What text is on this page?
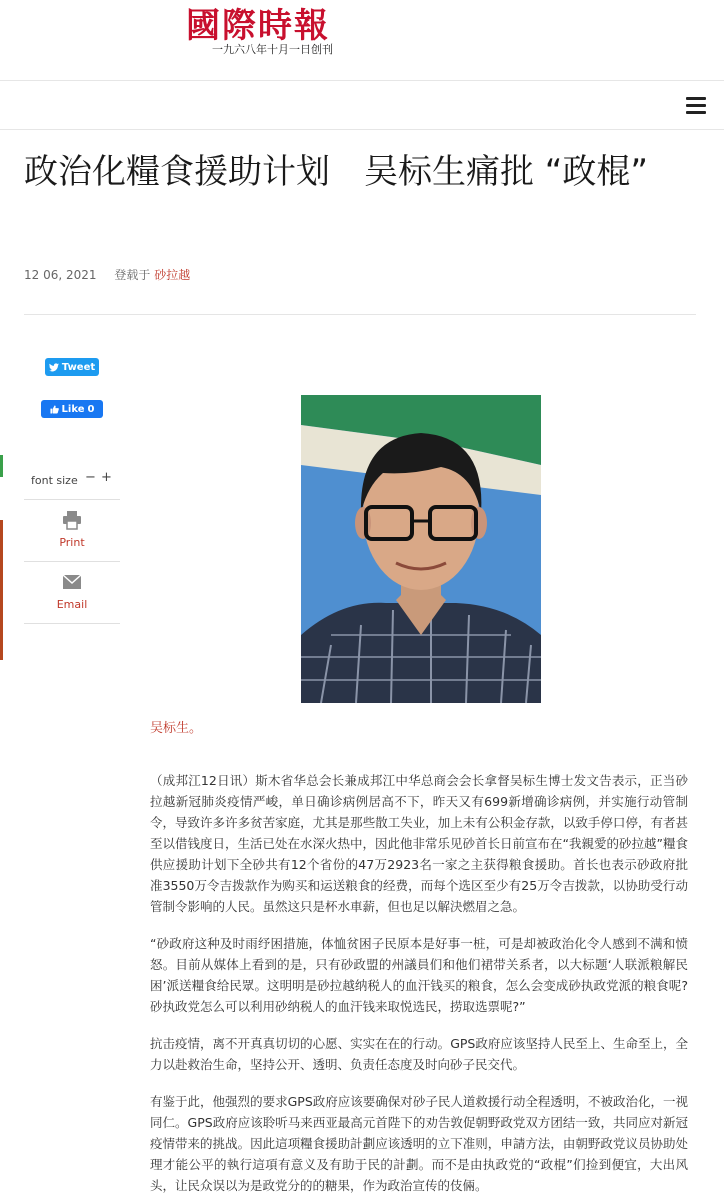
國際時報
一九六八年十月一日创刊
政治化糧食援助计划　吴标生痛批 “政棍”
12 06, 2021 登载于 砂拉越
Tweet
Like 0
font size − +
Print
Email
吴标生。

（成邦江12日讯）斯木省华总会长兼成邦江中华总商会会长拿督吴标生博士发文告表示，正当砂拉越新冠肺炎疫情严峻，单日确诊病例居高不下，昨天又有699新增确诊病例，并实施行动管制令，导致许多许多贫苦家庭，尤其是那些散工失业，加上未有公积金存款，以致手停口停，有者甚至以借钱度日，生活已处在水深火热中，因此他非常乐见砂首长日前宣布在“我親愛的砂拉越”糧食供应援助计划下全砂共有12个省份的47万2923名一家之主获得粮食援助。首长也表示砂政府批准3550万令吉拨款作为购买和运送粮食的经费，而每个选区至少有25万令吉拨款，以协助受行动管制令影响的人民。虽然这只是杯水車薪，但也足以解決燃眉之急。

“砂政府这种及时雨纾困措施，体恤贫困子民原本是好事一桩，可是却被政治化令人感到不满和愤怒。目前从媒体上看到的是，只有砂政盟的州議員们和他们裙带关系者，以大标题‘人联派粮解民困’派送糧食给民眾。这明明是砂拉越纳税人的血汗钱买的粮食，怎么会变成砂执政党派的粮食呢?砂执政党怎么可以利用砂纳税人的血汗钱来取悦选民，捞取选票呢?”

抗击疫情，离不开真真切切的心愿、实实在在的行动。GPS政府应该坚持人民至上、生命至上，全力以赴救治生命，坚持公开、透明、负责任态度及时向砂子民交代。

有鉴于此，他强烈的要求GPS政府应该要确保对砂子民人道救援行动全程透明，不被政治化，一视同仁。GPS政府应该聆听马来西亚最高元首陛下的劝告敦促朝野政党双方团结一致，共同应对新冠疫情带来的挑战。因此這项糧食援助計劃应该透明的立下准则，申請方法，由朝野政党议员协助处理才能公平的執行這項有意义及有助于民的計劃。而不是由执政党的“政棍”们捡到便宜，大出风头，让民众误以为是政党分的的糖果，作为政治宣传的伎倆。
